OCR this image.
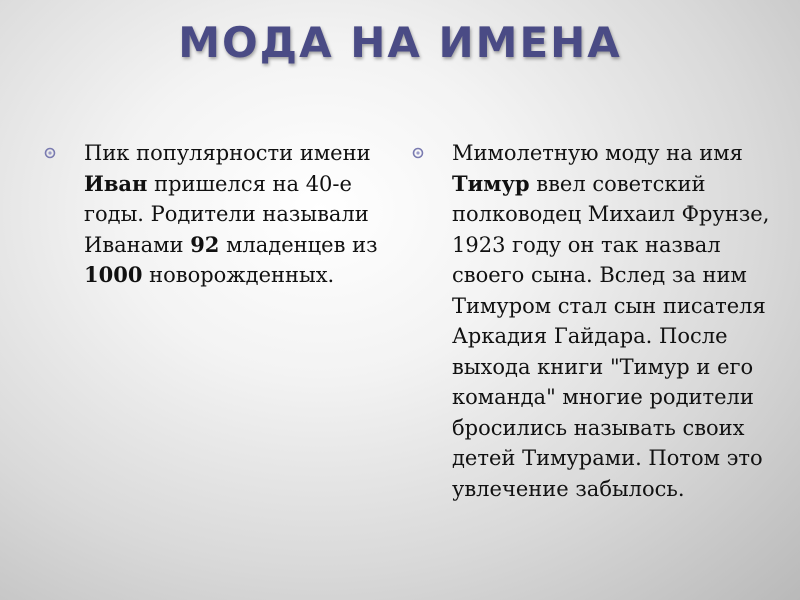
МОДА НА ИМЕНА
Пик популярности имени Иван пришелся на 40-е годы. Родители называли Иванами 92 младенцев из 1000 новорожденных.
Мимолетную моду на имя Тимур ввел советский полководец Михаил Фрунзе, 1923 году он так назвал своего сына. Вслед за ним Тимуром стал сын писателя Аркадия Гайдара. После выхода книги "Тимур и его команда" многие родители бросились называть своих детей Тимурами. Потом это увлечение забылось.
